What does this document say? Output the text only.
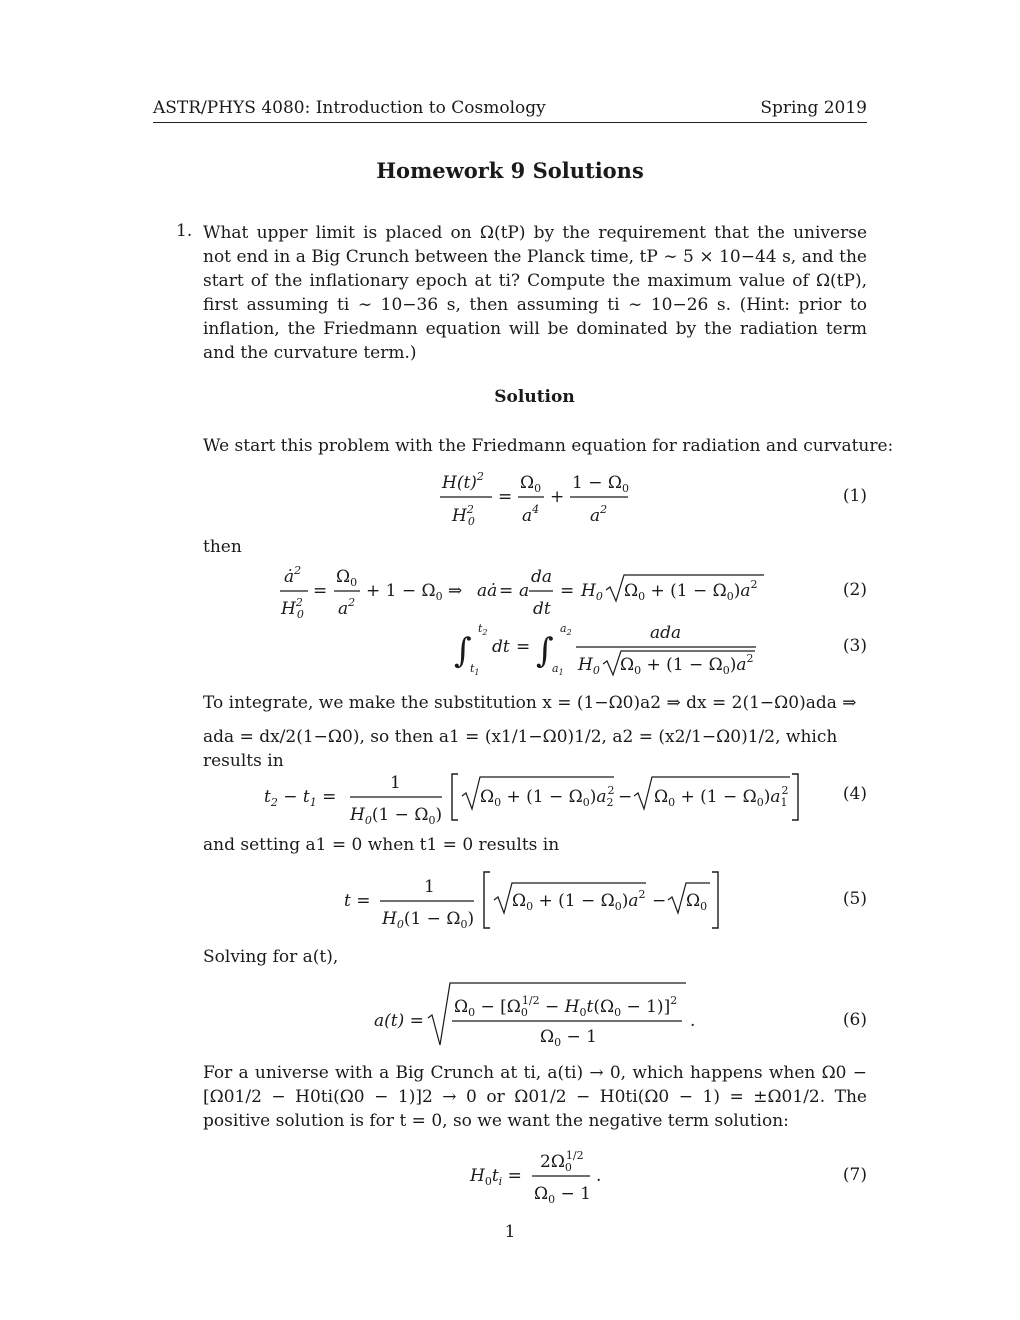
ASTR/PHYS 4080: Introduction to Cosmology	Spring 2019
Homework 9 Solutions
1. What upper limit is placed on Ω(tP) by the requirement that the universe not end in a Big Crunch between the Planck time, tP ∼ 5 × 10−44 s, and the start of the inflationary epoch at ti? Compute the maximum value of Ω(tP), first assuming ti ∼ 10−36 s, then assuming ti ∼ 10−26 s. (Hint: prior to inflation, the Friedmann equation will be dominated by the radiation term and the curvature term.)
Solution
We start this problem with the Friedmann equation for radiation and curvature:
$H(t)^2$
$H^2$ 0
=
$\Omega_0$
$a^4$
+
$1 - \Omega_0$
$a^2$
(1)
then
$ȧ^2$
$H^2$ 0
=
$\Omega_0$
$a^2$
+ $1 - \Omega_0$ ⇒ aȧ = a
da
dt
= $H_0$ $\Omega_0 + (1 - \Omega_0)a^2$	(2)
∫
$t_2$
$t_1$
dt = ∫
$a_2$
$a_1$
ada
$H_0$ $\Omega_0 + (1 - \Omega_0)a^2$
(3)
To integrate, we make the substitution x = (1−Ω0)a2 ⇒ dx = 2(1−Ω0)ada ⇒
ada = dx/2(1−Ω0), so then a1 = (x1/1−Ω0)1/2, a2 = (x2/1−Ω0)1/2, which results in
$t_2 - t_1$ =
1
$H_0(1 - \Omega_0)$
$\Omega_0 + (1 - \Omega_0)a_22 - \Omega_0 + (1 - \Omega_0)a_12$	(4)
and setting a1 = 0 when t1 = 0 results in
t =
1
$H_0(1 - \Omega_0)$
$\Omega_0 + (1 - \Omega_0)a^2 - \Omega_0$	(5)
Solving for a(t),
a(t) =
$\Omega_0 - [\Omega_01/2 - H_0t(\Omega_0 - 1)]^2$
$\Omega_0 - 1$
.	(6)
For a universe with a Big Crunch at ti, a(ti) → 0, which happens when Ω0 − [Ω01/2 − H0ti(Ω0 − 1)]2 → 0 or Ω01/2 − H0ti(Ω0 − 1) = ±Ω01/2. The positive solution is for t = 0, so we want the negative term solution:
$H_0t_i$ =
$2\Omega_01/2$
$\Omega_0 - 1$
.	(7)
1
